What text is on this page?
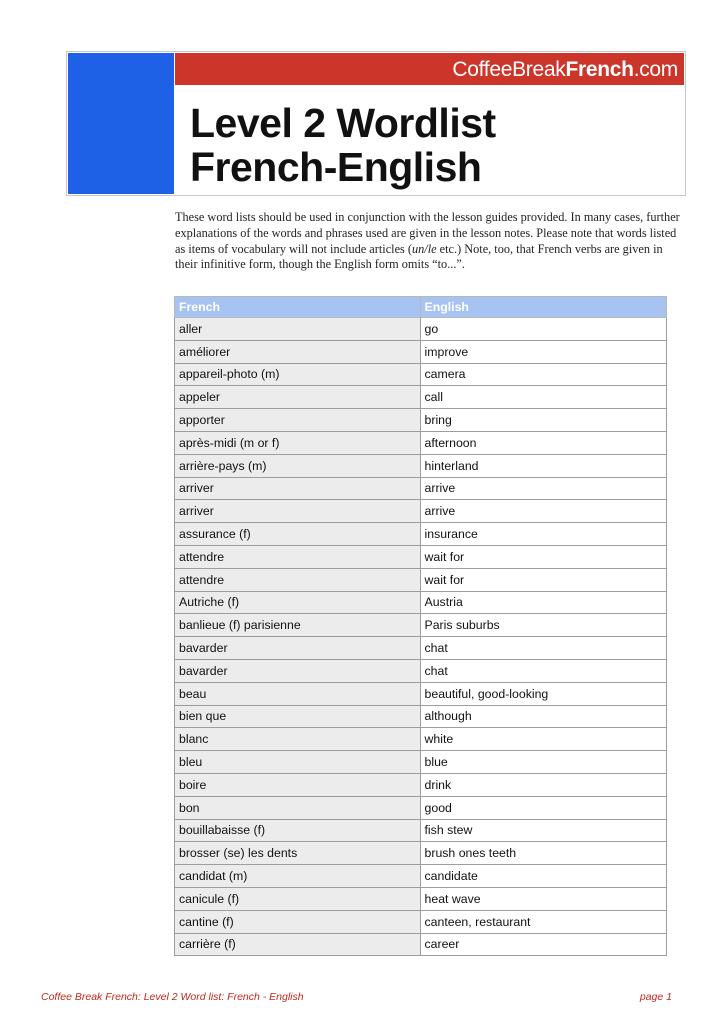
CoffeeBreakFrench.com
Level 2 Wordlist
French-English

These word lists should be used in conjunction with the lesson guides provided. In many cases, further explanations of the words and phrases used are given in the lesson notes. Please note that words listed as items of vocabulary will not include articles (un/le etc.) Note, too, that French verbs are given in their infinitive form, though the English form omits “to...”.

French	English
aller	go
améliorer	improve
appareil-photo (m)	camera
appeler	call
apporter	bring
après-midi (m or f)	afternoon
arrière-pays (m)	hinterland
arriver	arrive
arriver	arrive
assurance (f)	insurance
attendre	wait for
attendre	wait for
Autriche (f)	Austria
banlieue (f) parisienne	Paris suburbs
bavarder	chat
bavarder	chat
beau	beautiful, good-looking
bien que	although
blanc	white
bleu	blue
boire	drink
bon	good
bouillabaisse (f)	fish stew
brosser (se) les dents	brush ones teeth
candidat (m)	candidate
canicule (f)	heat wave
cantine (f)	canteen, restaurant
carrière (f)	career
Coffee Break French: Level 2 Word list: French - English	page 1
